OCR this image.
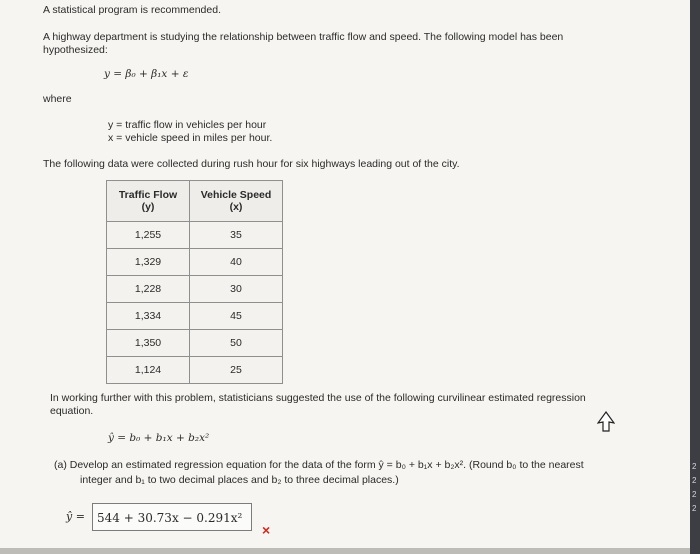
A statistical program is recommended.
A highway department is studying the relationship between traffic flow and speed. The following model has been
hypothesized:
y = β₀ + β₁x + ε
where
y = traffic flow in vehicles per hour
x = vehicle speed in miles per hour.
The following data were collected during rush hour for six highways leading out of the city.
Traffic Flow
(y)	Vehicle Speed
(x)
1,255	35
1,329	40
1,228	30
1,334	45
1,350	50
1,124	25
In working further with this problem, statisticians suggested the use of the following curvilinear estimated regression
equation.
ŷ = b₀ + b₁x + b₂x²
(a) Develop an estimated regression equation for the data of the form ŷ = b₀ + b₁x + b₂x². (Round b₀ to the nearest
integer and b₁ to two decimal places and b₂ to three decimal places.)
ŷ =	544 + 30.73x − 0.291x²
×
2
2
2
2
